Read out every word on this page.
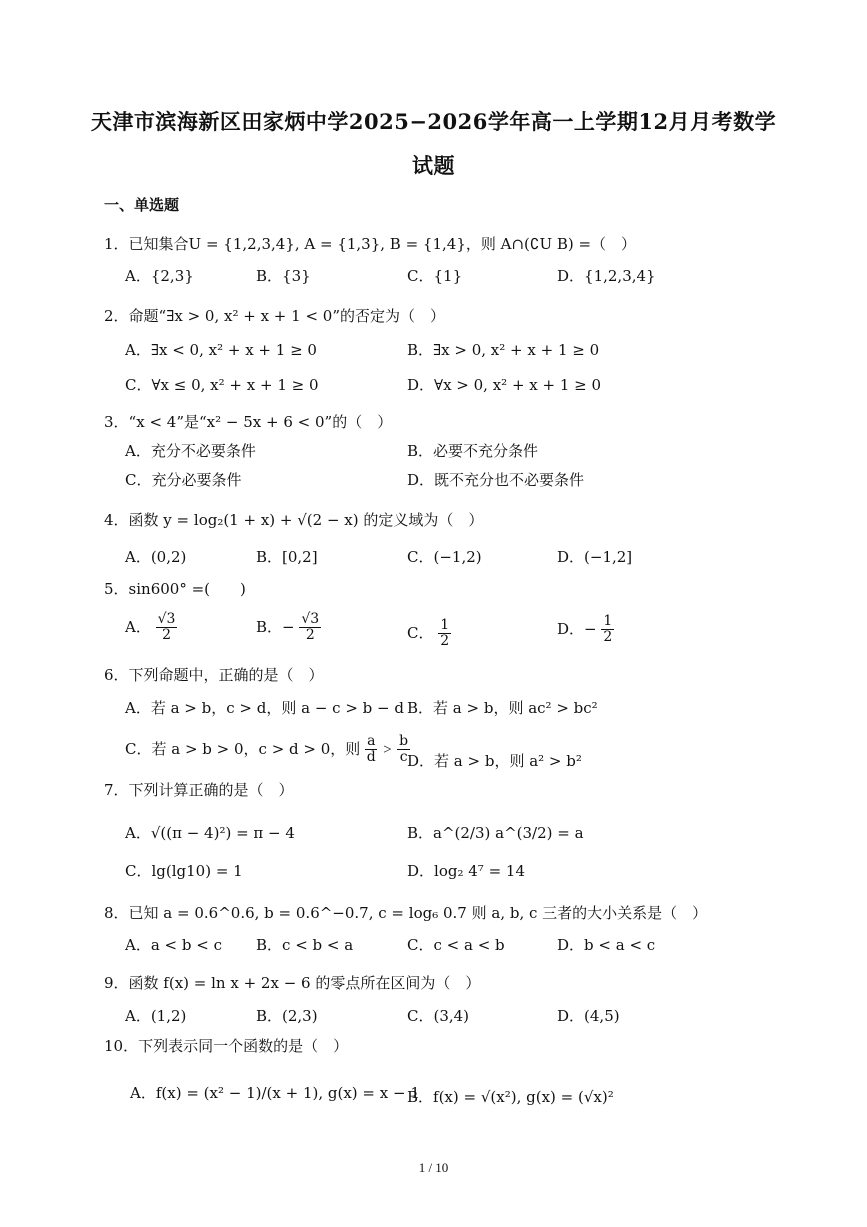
天津市滨海新区田家炳中学2025−2026学年高一上学期12月月考数学
试题
一、单选题
1．已知集合U = {1,2,3,4}, A = {1,3}, B = {1,4}，则 A∩(∁U B) =（　）
A．{2,3}	B．{3}	C．{1}	D．{1,2,3,4}
2．命题“∃x > 0, x² + x + 1 < 0”的否定为（　）
A．∃x < 0, x² + x + 1 ≥ 0	B．∃x > 0, x² + x + 1 ≥ 0
C．∀x ≤ 0, x² + x + 1 ≥ 0	D．∀x > 0, x² + x + 1 ≥ 0
3．“x < 4”是“x² − 5x + 6 < 0”的（　）
A．充分不必要条件	B．必要不充分条件
C．充分必要条件	D．既不充分也不必要条件
4．函数 y = log₂(1 + x) + √(2 − x) 的定义域为（　）
A．(0,2)	B．[0,2]	C．(−1,2)	D．(−1,2]
5．sin600° =(　　)
A． $\frac{√3}{2}$	B．− $\frac{√3}{2}$	C． $\frac{1}{2}$	D．− $\frac{1}{2}$
6．下列命题中，正确的是（　）
A．若 a > b，c > d，则 a − c > b − d B．若 a > b，则 ac² > bc²
C．若 a > b > 0，c > d > 0，则 $\frac{a}{d} > \frac{b}{c}$
D．若 a > b，则 a² > b²
7．下列计算正确的是（　）
A．√((π − 4)²) = π − 4	B．a^(2/3) a^(3/2) = a
C．lg(lg10) = 1	D．log₂ 4⁷ = 14
8．已知 a = 0.6^0.6, b = 0.6^−0.7, c = log₆ 0.7 则 a, b, c 三者的大小关系是（　）
A．a < b < c B．c < b < a	C．c < a < b	D．b < a < c
9．函数 f(x) = ln x + 2x − 6 的零点所在区间为（　）
A．(1,2)	B．(2,3)	C．(3,4)	D．(4,5)
10．下列表示同一个函数的是（　）
A．f(x) = (x² − 1)/(x + 1), g(x) = x − 1
B．f(x) = √(x²), g(x) = (√x)²
1 / 10
